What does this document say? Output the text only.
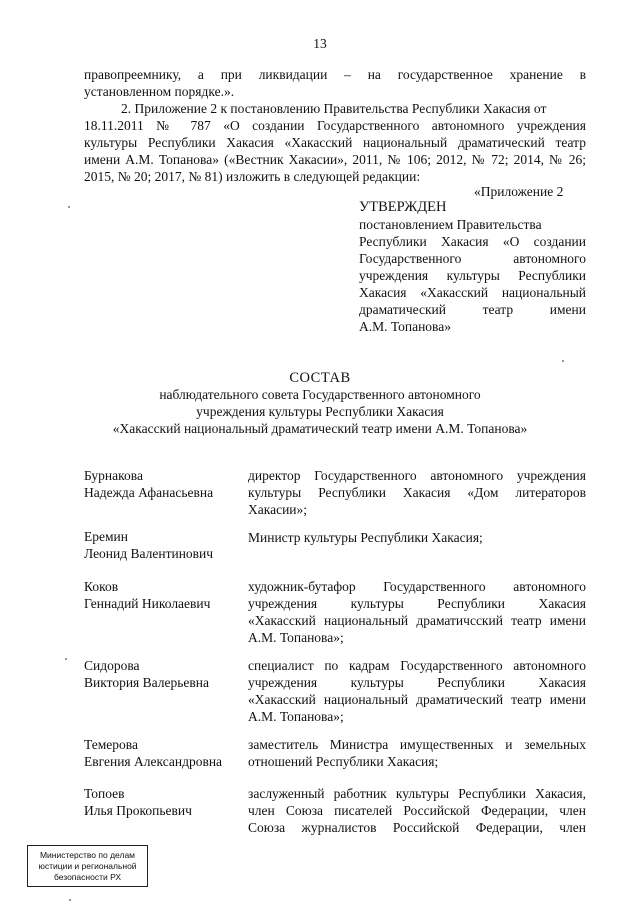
13
правопреемнику, а при ликвидации – на государственное хранение в
установленном порядке.».
2. Приложение 2 к постановлению Правительства Республики Хакасия от
18.11.2011 № 787 «О создании Государственного автономного учреждения
культуры Республики Хакасия «Хакасский национальный драматический театр
имени А.М. Топанова» («Вестник Хакасии», 2011, № 106; 2012, № 72; 2014, № 26;
2015, № 20; 2017, № 81) изложить в следующей редакции:
«Приложение 2
УТВЕРЖДЕН
постановлением Правительства
Республики Хакасия «О создании
Государственного автономного
учреждения культуры Республики
Хакасия «Хакасский национальный
драматический театр имени
А.М. Топанова»
СОСТАВ
наблюдательного совета Государственного автономного
учреждения культуры Республики Хакасия
«Хакасский национальный драматический театр имени А.М. Топанова»
Бурнакова
Надежда Афанасьевна
директор Государственного автономного учреждения
культуры Республики Хакасия «Дом литераторов
Хакасии»;
Еремин
Леонид Валентинович
Министр культуры Республики Хакасия;
Коков
Геннадий Николаевич
художник-бутафор Государственного автономного
учреждения культуры Республики Хакасия
«Хакасский национальный драматичсский театр имени
А.М. Топанова»;
Сидорова
Виктория Валерьевна
специалист по кадрам Государственного автономного
учреждения культуры Республики Хакасия
«Хакасский национальный драматический театр имени
А.М. Топанова»;
Темерова
Евгения Александровна
заместитель Министра имущественных и земельных
отношений Республики Хакасия;
Топоев
Илья Прокопьевич
заслуженный работник культуры Республики Хакасия,
член Союза писателей Российской Федерации, член
Союза журналистов Российской Федерации, член
Министерство по делам
юстиции и региональной
безопасности РХ
